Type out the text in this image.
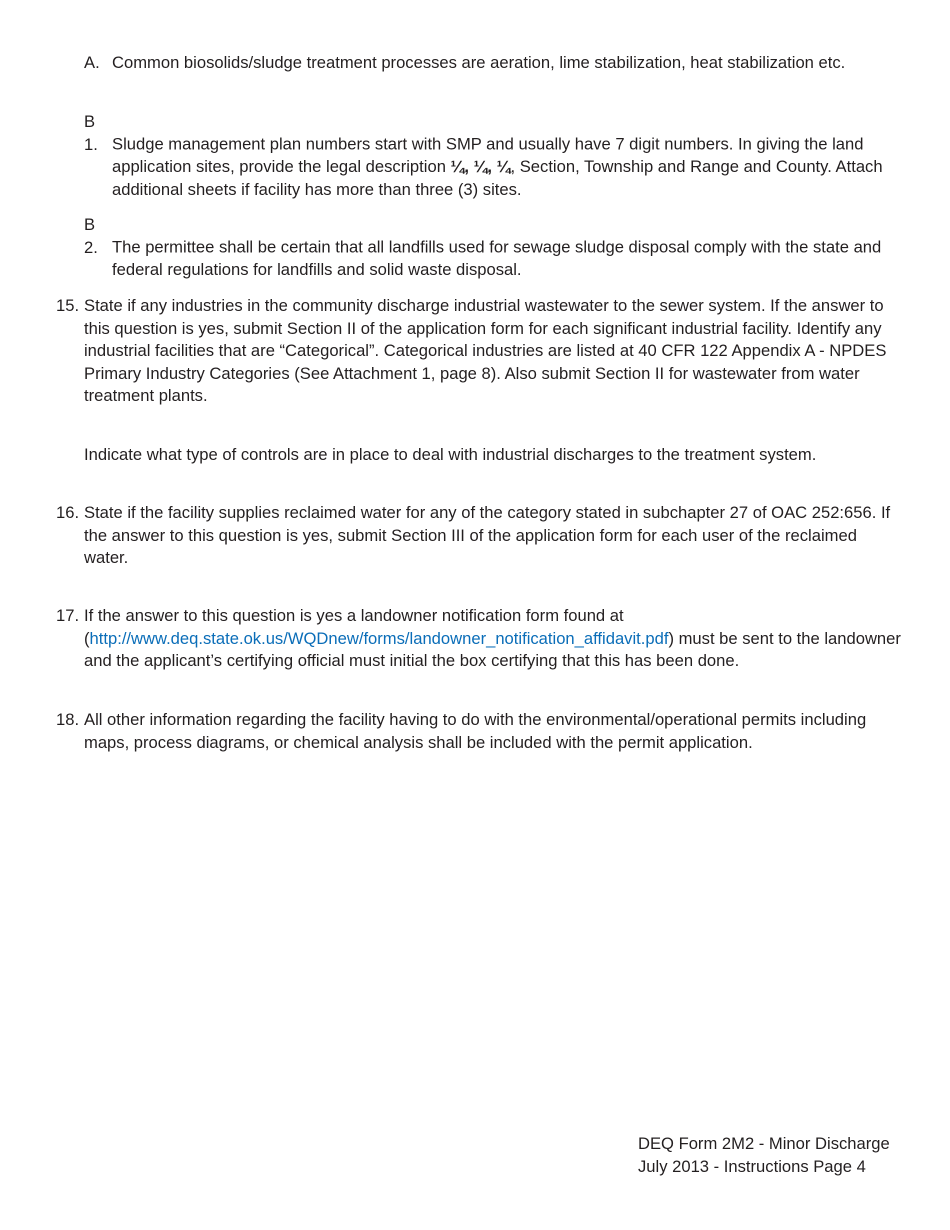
A. Common biosolids/sludge treatment processes are aeration, lime stabilization, heat stabilization etc.
B 1. Sludge management plan numbers start with SMP and usually have 7 digit numbers. In giving the land application sites, provide the legal description ¼, ¼, ¼, Section, Township and Range and County. Attach additional sheets if facility has more than three (3) sites.
B 2. The permittee shall be certain that all landfills used for sewage sludge disposal comply with the state and federal regulations for landfills and solid waste disposal.
15. State if any industries in the community discharge industrial wastewater to the sewer system. If the answer to this question is yes, submit Section II of the application form for each significant industrial facility. Identify any industrial facilities that are “Categorical”. Categorical industries are listed at 40 CFR 122 Appendix A - NPDES Primary Industry Categories (See Attachment 1, page 8). Also submit Section II for wastewater from water treatment plants.
Indicate what type of controls are in place to deal with industrial discharges to the treatment system.
16. State if the facility supplies reclaimed water for any of the category stated in subchapter 27 of OAC 252:656. If the answer to this question is yes, submit Section III of the application form for each user of the reclaimed water.
17. If the answer to this question is yes a landowner notification form found at (http://www.deq.state.ok.us/WQDnew/forms/landowner_notification_affidavit.pdf) must be sent to the landowner and the applicant’s certifying official must initial the box certifying that this has been done.
18. All other information regarding the facility having to do with the environmental/operational permits including maps, process diagrams, or chemical analysis shall be included with the permit application.
DEQ Form 2M2 - Minor Discharge
July 2013 - Instructions Page 4
